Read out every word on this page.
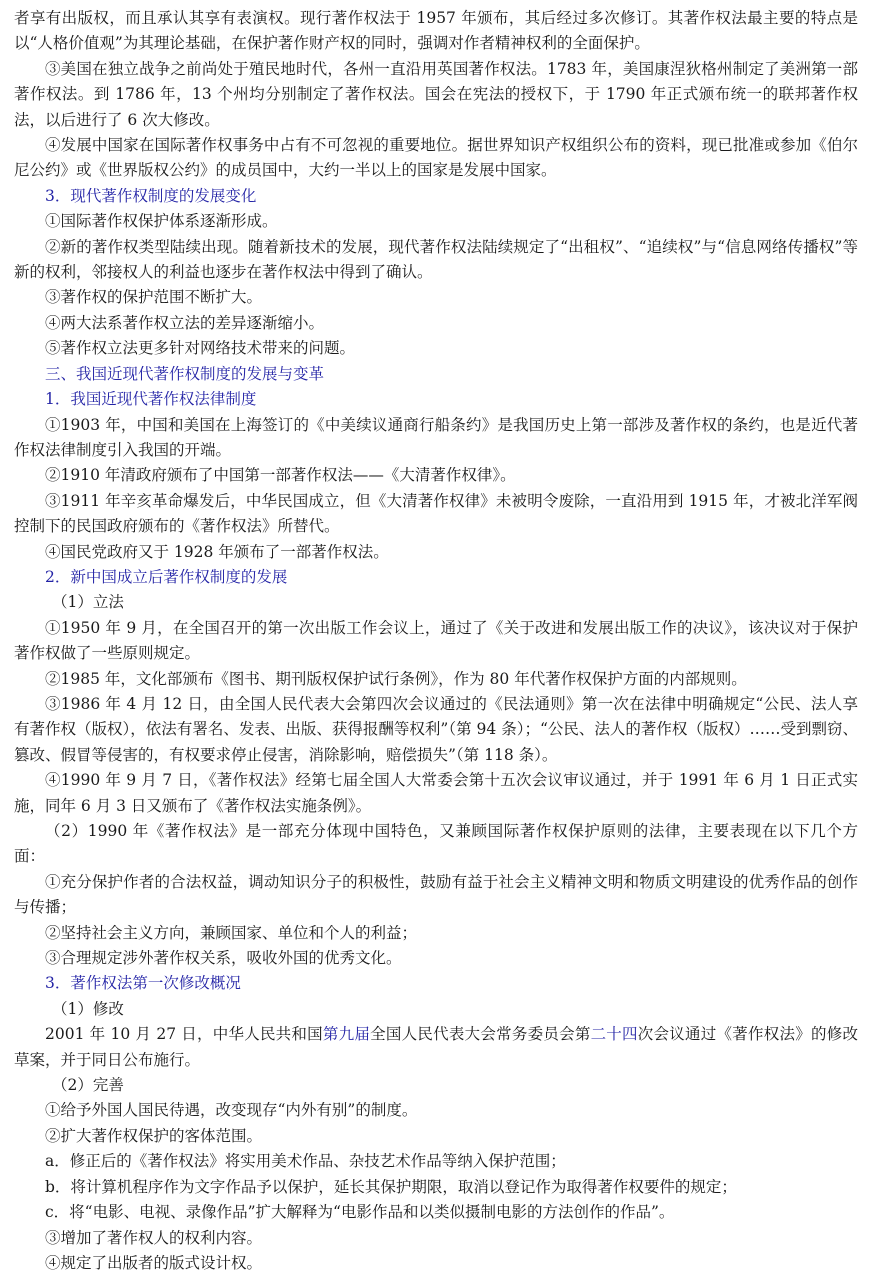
者享有出版权，而且承认其享有表演权。现行著作权法于 1957 年颁布，其后经过多次修订。其著作权法最主要的特点是以“人格价值观”为其理论基础，在保护著作财产权的同时，强调对作者精神权利的全面保护。

③美国在独立战争之前尚处于殖民地时代，各州一直沿用英国著作权法。1783 年，美国康涅狄格州制定了美洲第一部著作权法。到 1786 年，13 个州均分别制定了著作权法。国会在宪法的授权下，于 1790 年正式颁布统一的联邦著作权法，以后进行了 6 次大修改。

④发展中国家在国际著作权事务中占有不可忽视的重要地位。据世界知识产权组织公布的资料，现已批准或参加《伯尔尼公约》或《世界版权公约》的成员国中，大约一半以上的国家是发展中国家。

3．现代著作权制度的发展变化

①国际著作权保护体系逐渐形成。

②新的著作权类型陆续出现。随着新技术的发展，现代著作权法陆续规定了“出租权”、“追续权”与“信息网络传播权”等新的权利，邻接权人的利益也逐步在著作权法中得到了确认。

③著作权的保护范围不断扩大。

④两大法系著作权立法的差异逐渐缩小。

⑤著作权立法更多针对网络技术带来的问题。

三、我国近现代著作权制度的发展与变革

1．我国近现代著作权法律制度

①1903 年，中国和美国在上海签订的《中美续议通商行船条约》是我国历史上第一部涉及著作权的条约，也是近代著作权法律制度引入我国的开端。

②1910 年清政府颁布了中国第一部著作权法——《大清著作权律》。

③1911 年辛亥革命爆发后，中华民国成立，但《大清著作权律》未被明令废除，一直沿用到 1915 年，才被北洋军阀控制下的民国政府颁布的《著作权法》所替代。

④国民党政府又于 1928 年颁布了一部著作权法。

2．新中国成立后著作权制度的发展

（1）立法

①1950 年 9 月，在全国召开的第一次出版工作会议上，通过了《关于改进和发展出版工作的决议》，该决议对于保护著作权做了一些原则规定。

②1985 年，文化部颁布《图书、期刊版权保护试行条例》，作为 80 年代著作权保护方面的内部规则。

③1986 年 4 月 12 日，由全国人民代表大会第四次会议通过的《民法通则》第一次在法律中明确规定“公民、法人享有著作权（版权），依法有署名、发表、出版、获得报酬等权利”（第 94 条）；“公民、法人的著作权（版权）……受到剽窃、篡改、假冒等侵害的，有权要求停止侵害，消除影响，赔偿损失”（第 118 条）。

④1990 年 9 月 7 日，《著作权法》经第七届全国人大常委会第十五次会议审议通过，并于 1991 年 6 月 1 日正式实施，同年 6 月 3 日又颁布了《著作权法实施条例》。

（2）1990 年《著作权法》是一部充分体现中国特色，又兼顾国际著作权保护原则的法律，主要表现在以下几个方面：

①充分保护作者的合法权益，调动知识分子的积极性，鼓励有益于社会主义精神文明和物质文明建设的优秀作品的创作与传播；

②坚持社会主义方向，兼顾国家、单位和个人的利益；

③合理规定涉外著作权关系，吸收外国的优秀文化。

3．著作权法第一次修改概况

（1）修改

2001 年 10 月 27 日，中华人民共和国第九届全国人民代表大会常务委员会第二十四次会议通过《著作权法》的修改草案，并于同日公布施行。

（2）完善

①给予外国人国民待遇，改变现存“内外有别”的制度。

②扩大著作权保护的客体范围。

a．修正后的《著作权法》将实用美术作品、杂技艺术作品等纳入保护范围；

b．将计算机程序作为文字作品予以保护，延长其保护期限，取消以登记作为取得著作权要件的规定；

c．将“电影、电视、录像作品”扩大解释为“电影作品和以类似摄制电影的方法创作的作品”。

③增加了著作权人的权利内容。

④规定了出版者的版式设计权。
